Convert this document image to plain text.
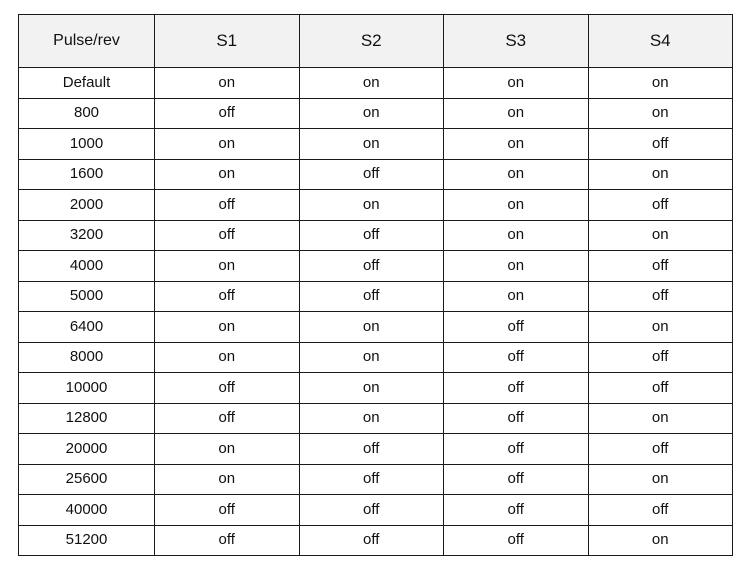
Pulse/rev	S1	S2	S3	S4
Default	on	on	on	on
800	off	on	on	on
1000	on	on	on	off
1600	on	off	on	on
2000	off	on	on	off
3200	off	off	on	on
4000	on	off	on	off
5000	off	off	on	off
6400	on	on	off	on
8000	on	on	off	off
10000	off	on	off	off
12800	off	on	off	on
20000	on	off	off	off
25600	on	off	off	on
40000	off	off	off	off
51200	off	off	off	on
